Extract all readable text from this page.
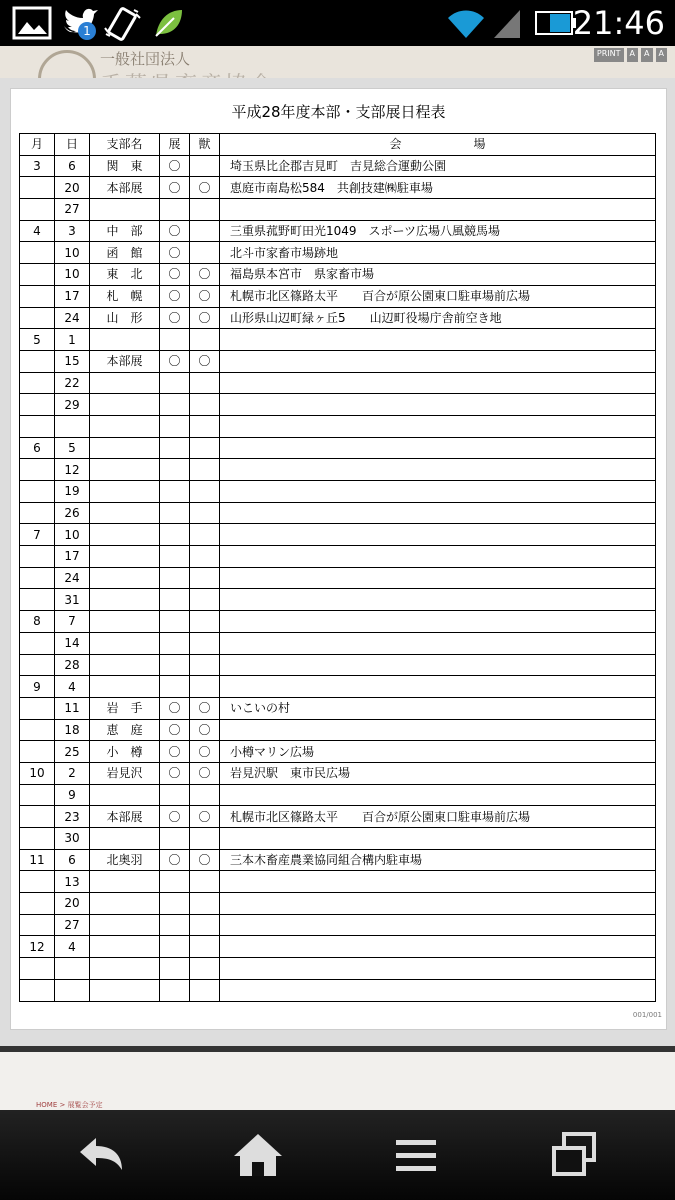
1	21:46
一般社団法人	PRINT	A	A	A
平成28年度本部・支部展日程表
月	日	支部名	展	獣	会　　　　　　場
3	6	関　東	〇		埼玉県比企郡吉見町　吉見総合運動公園
	20	本部展	〇	〇	恵庭市南島松584　共創技建㈱駐車場
	27				
4	3	中　部	〇		三重県菰野町田光1049　スポーツ広場八風競馬場
	10	函　館	〇		北斗市家畜市場跡地
	10	東　北	〇	〇	福島県本宮市　県家畜市場
	17	札　幌	〇	〇	札幌市北区篠路太平　　百合が原公園東口駐車場前広場
	24	山　形	〇	〇	山形県山辺町緑ヶ丘5　　山辺町役場庁舎前空き地
5	1				
	15	本部展	〇	〇	
	22				
	29				

6	5				
	12				
	19				
	26				
7	10				
	17				
	24				
	31				
8	7				
	14				
	28				
9	4				
	11	岩　手	〇	〇	いこいの村
	18	恵　庭	〇	〇	
	25	小　樽	〇	〇	小樽マリン広場
10	2	岩見沢	〇	〇	岩見沢駅　東市民広場
	9				
	23	本部展	〇	〇	札幌市北区篠路太平　　百合が原公園東口駐車場前広場
	30				
11	6	北奥羽	〇	〇	三本木畜産農業協同組合構内駐車場
	13				
	20				
	27				
12	4				

001/001
HOME > 展覧会予定
